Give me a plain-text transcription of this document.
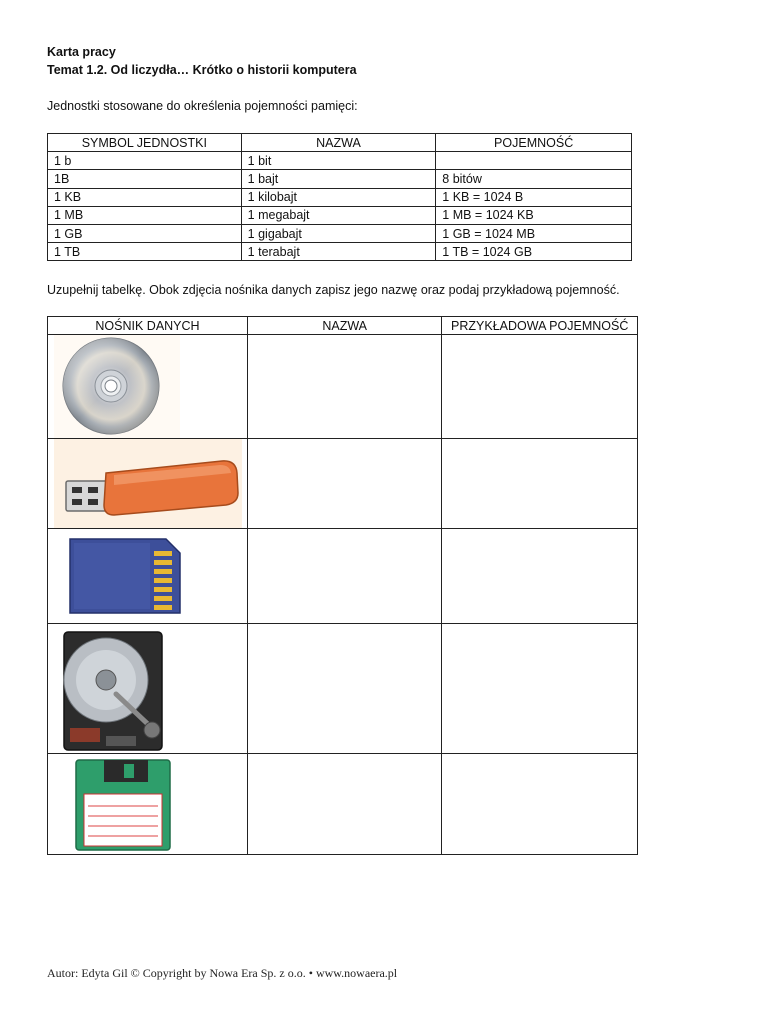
Karta pracy
Temat 1.2. Od liczydła… Krótko o historii komputera
Jednostki stosowane do określenia pojemności pamięci:
SYMBOL JEDNOSTKI	NAZWA	POJEMNOŚĆ
1 b	1 bit	
1B	1 bajt	8 bitów
1 KB	1 kilobajt	1 KB = 1024 B
1 MB	1 megabajt	1 MB = 1024 KB
1 GB	1 gigabajt	1 GB = 1024 MB
1 TB	1 terabajt	1 TB = 1024 GB
Uzupełnij tabelkę. Obok zdjęcia nośnika danych zapisz jego nazwę oraz podaj przykładową pojemność.
NOŚNIK DANYCH	NAZWA	PRZYKŁADOWA POJEMNOŚĆ

Autor: Edyta Gil © Copyright by Nowa Era Sp. z o.o. • www.nowaera.pl
